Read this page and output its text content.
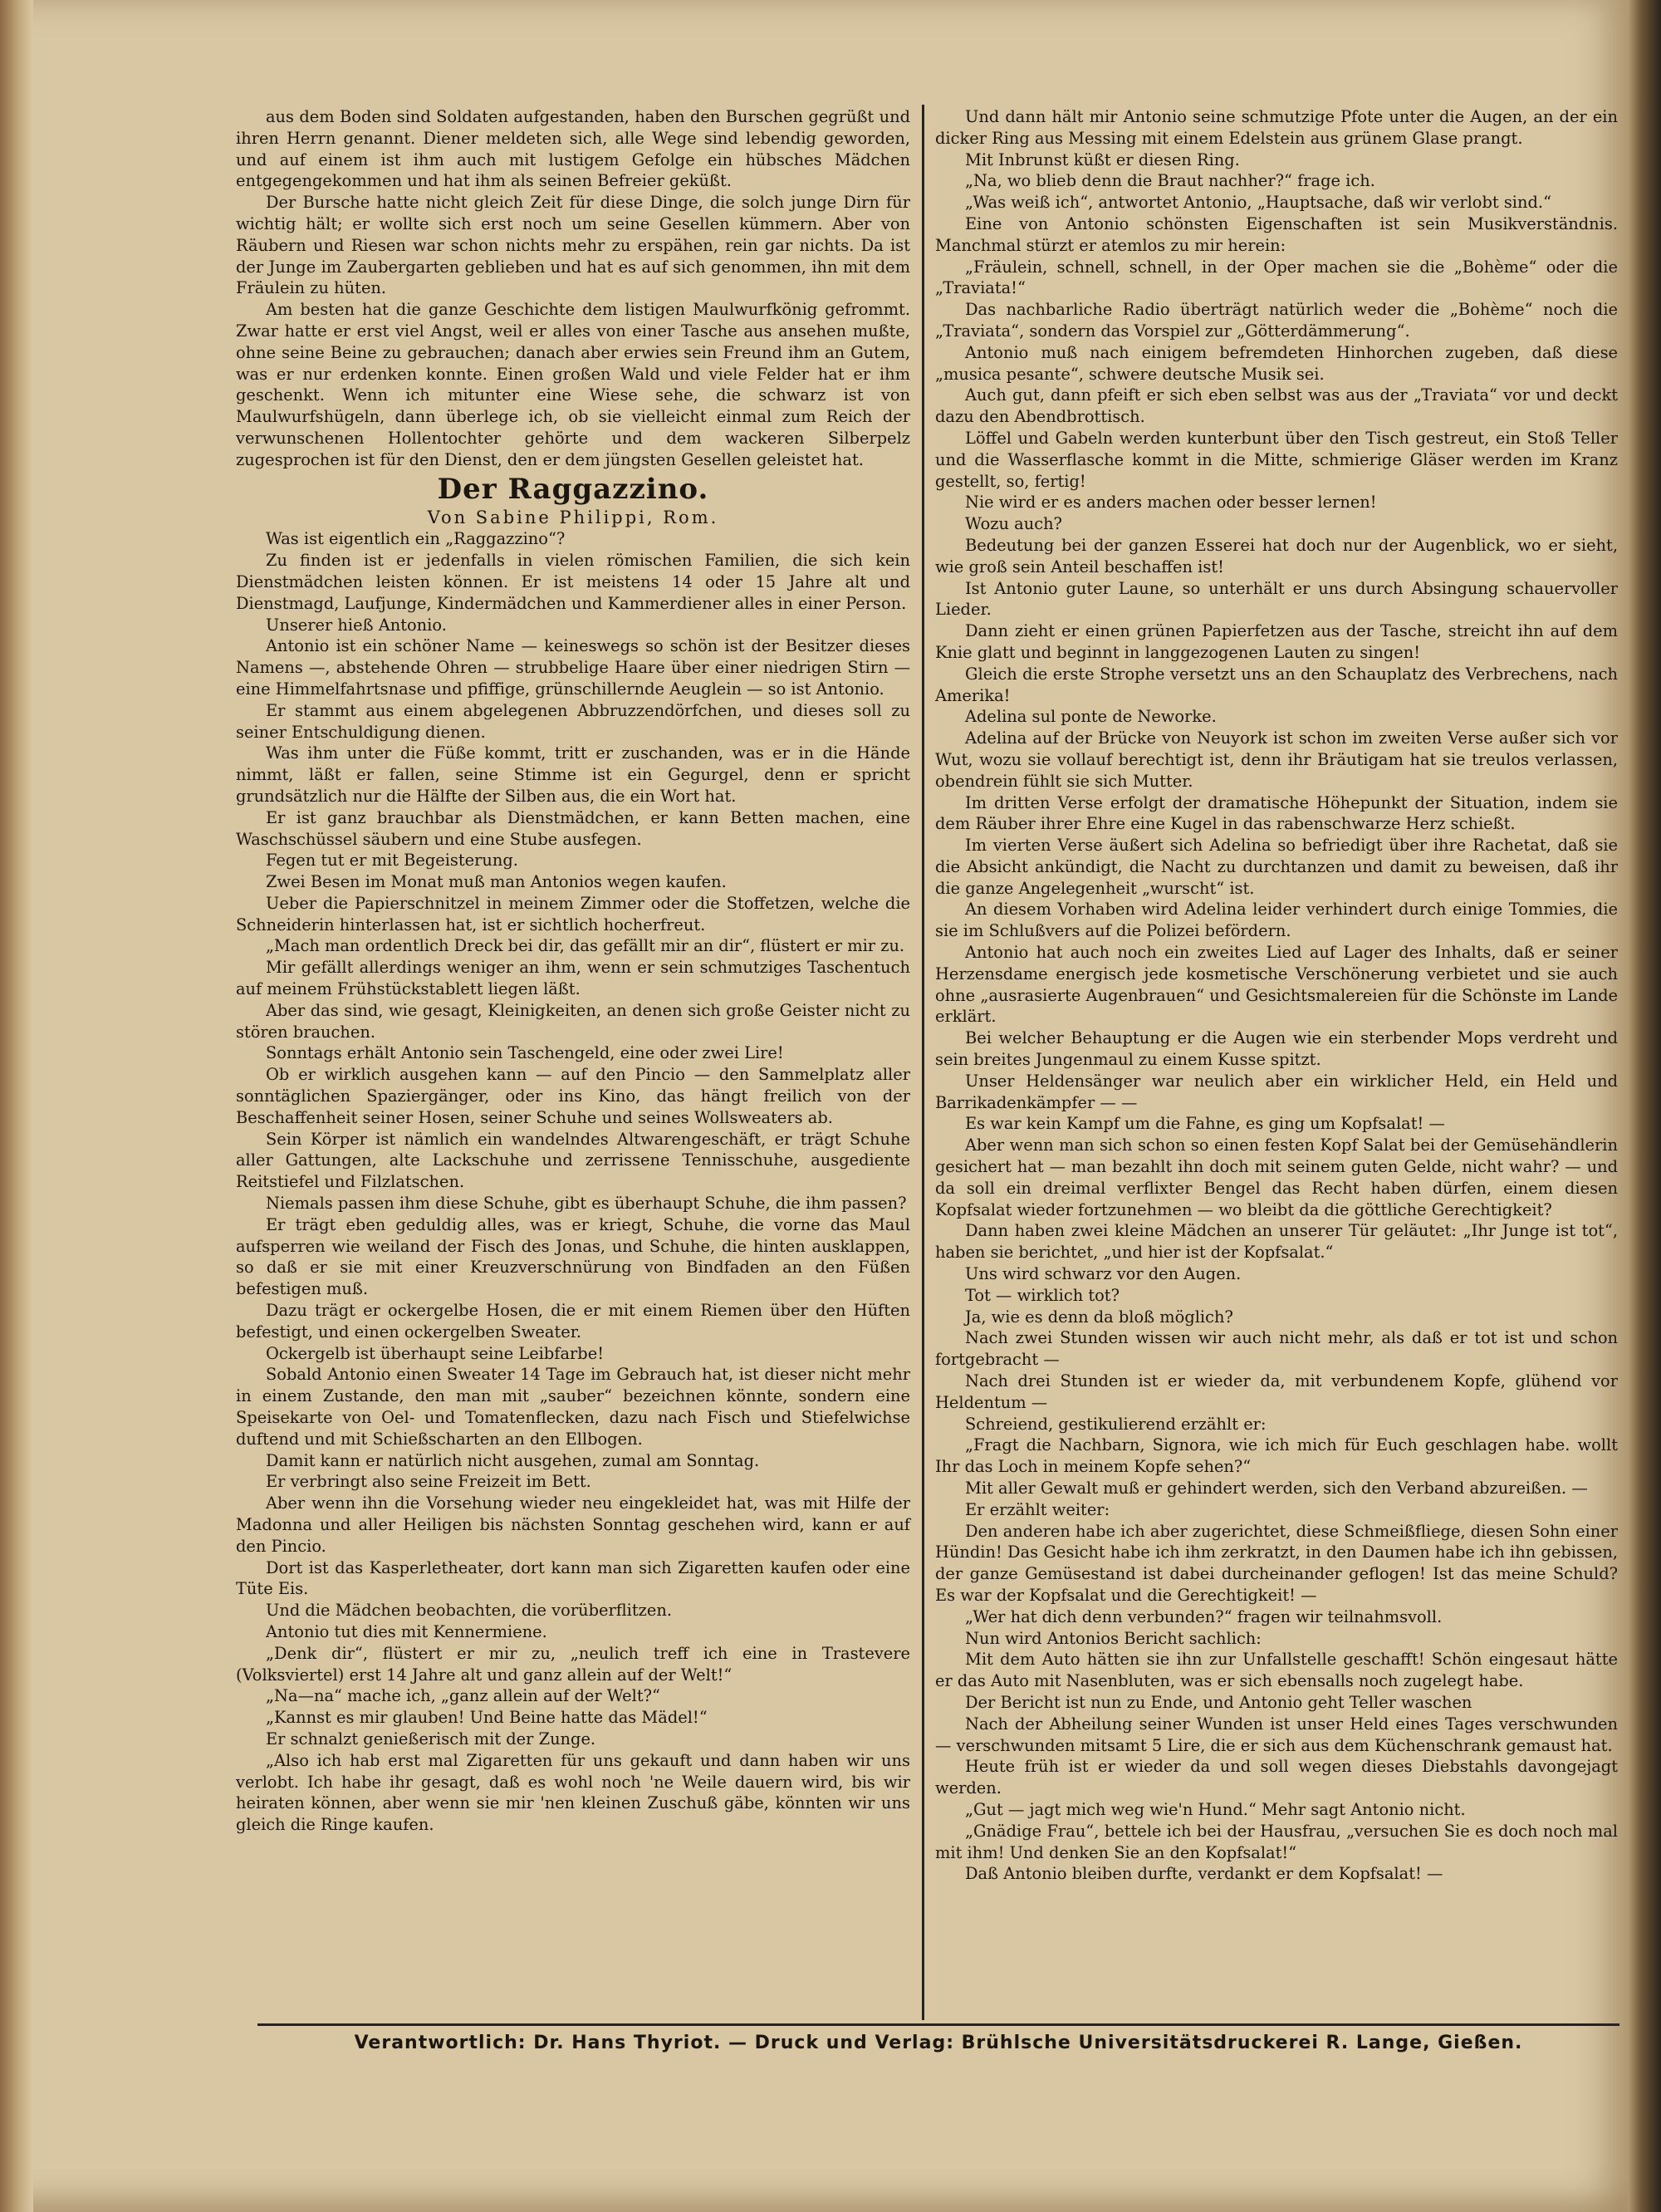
aus dem Boden sind Soldaten aufgestanden, haben den Burschen gegrüßt und ihren Herrn genannt. Diener meldeten sich, alle Wege sind lebendig geworden, und auf einem ist ihm auch mit lustigem Gefolge ein hübsches Mädchen entgegengekommen und hat ihm als seinen Befreier geküßt.

Der Bursche hatte nicht gleich Zeit für diese Dinge, die solch junge Dirn für wichtig hält; er wollte sich erst noch um seine Gesellen kümmern. Aber von Räubern und Riesen war schon nichts mehr zu erspähen, rein gar nichts. Da ist der Junge im Zaubergarten geblieben und hat es auf sich genommen, ihn mit dem Fräulein zu hüten.

Am besten hat die ganze Geschichte dem listigen Maulwurfkönig gefrommt. Zwar hatte er erst viel Angst, weil er alles von einer Tasche aus ansehen mußte, ohne seine Beine zu gebrauchen; danach aber erwies sein Freund ihm an Gutem, was er nur erdenken konnte. Einen großen Wald und viele Felder hat er ihm geschenkt. Wenn ich mitunter eine Wiese sehe, die schwarz ist von Maulwurfshügeln, dann überlege ich, ob sie vielleicht einmal zum Reich der verwunschenen Hollentochter gehörte und dem wackeren Silberpelz zugesprochen ist für den Dienst, den er dem jüngsten Gesellen geleistet hat.

Der Raggazzino.

Von Sabine Philippi, Rom.

Was ist eigentlich ein „Raggazzino“?

Zu finden ist er jedenfalls in vielen römischen Familien, die sich kein Dienstmädchen leisten können. Er ist meistens 14 oder 15 Jahre alt und Dienstmagd, Laufjunge, Kindermädchen und Kammerdiener alles in einer Person.

Unserer hieß Antonio.

Antonio ist ein schöner Name — keineswegs so schön ist der Besitzer dieses Namens —, abstehende Ohren — strubbelige Haare über einer niedrigen Stirn — eine Himmelfahrtsnase und pfiffige, grünschillernde Aeuglein — so ist Antonio.

Er stammt aus einem abgelegenen Abbruzzendörfchen, und dieses soll zu seiner Entschuldigung dienen.

Was ihm unter die Füße kommt, tritt er zuschanden, was er in die Hände nimmt, läßt er fallen, seine Stimme ist ein Gegurgel, denn er spricht grundsätzlich nur die Hälfte der Silben aus, die ein Wort hat.

Er ist ganz brauchbar als Dienstmädchen, er kann Betten machen, eine Waschschüssel säubern und eine Stube ausfegen.

Fegen tut er mit Begeisterung.

Zwei Besen im Monat muß man Antonios wegen kaufen.

Ueber die Papierschnitzel in meinem Zimmer oder die Stoffetzen, welche die Schneiderin hinterlassen hat, ist er sichtlich hocherfreut.

„Mach man ordentlich Dreck bei dir, das gefällt mir an dir“, flüstert er mir zu.

Mir gefällt allerdings weniger an ihm, wenn er sein schmutziges Taschentuch auf meinem Frühstückstablett liegen läßt.

Aber das sind, wie gesagt, Kleinigkeiten, an denen sich große Geister nicht zu stören brauchen.

Sonntags erhält Antonio sein Taschengeld, eine oder zwei Lire!

Ob er wirklich ausgehen kann — auf den Pincio — den Sammelplatz aller sonntäglichen Spaziergänger, oder ins Kino, das hängt freilich von der Beschaffenheit seiner Hosen, seiner Schuhe und seines Wollsweaters ab.

Sein Körper ist nämlich ein wandelndes Altwarengeschäft, er trägt Schuhe aller Gattungen, alte Lackschuhe und zerrissene Tennisschuhe, ausgediente Reitstiefel und Filzlatschen.

Niemals passen ihm diese Schuhe, gibt es überhaupt Schuhe, die ihm passen?

Er trägt eben geduldig alles, was er kriegt, Schuhe, die vorne das Maul aufsperren wie weiland der Fisch des Jonas, und Schuhe, die hinten ausklappen, so daß er sie mit einer Kreuzverschnürung von Bindfaden an den Füßen befestigen muß.

Dazu trägt er ockergelbe Hosen, die er mit einem Riemen über den Hüften befestigt, und einen ockergelben Sweater.

Ockergelb ist überhaupt seine Leibfarbe!

Sobald Antonio einen Sweater 14 Tage im Gebrauch hat, ist dieser nicht mehr in einem Zustande, den man mit „sauber“ bezeichnen könnte, sondern eine Speisekarte von Oel- und Tomatenflecken, dazu nach Fisch und Stiefelwichse duftend und mit Schießscharten an den Ellbogen.

Damit kann er natürlich nicht ausgehen, zumal am Sonntag.

Er verbringt also seine Freizeit im Bett.

Aber wenn ihn die Vorsehung wieder neu eingekleidet hat, was mit Hilfe der Madonna und aller Heiligen bis nächsten Sonntag geschehen wird, kann er auf den Pincio.

Dort ist das Kasperletheater, dort kann man sich Zigaretten kaufen oder eine Tüte Eis.

Und die Mädchen beobachten, die vorüberflitzen.

Antonio tut dies mit Kennermiene.

„Denk dir“, flüstert er mir zu, „neulich treff ich eine in Trastevere (Volksviertel) erst 14 Jahre alt und ganz allein auf der Welt!“

„Na—na“ mache ich, „ganz allein auf der Welt?“

„Kannst es mir glauben! Und Beine hatte das Mädel!“

Er schnalzt genießerisch mit der Zunge.

„Also ich hab erst mal Zigaretten für uns gekauft und dann haben wir uns verlobt. Ich habe ihr gesagt, daß es wohl noch 'ne Weile dauern wird, bis wir heiraten können, aber wenn sie mir 'nen kleinen Zuschuß gäbe, könnten wir uns gleich die Ringe kaufen.

Und dann hält mir Antonio seine schmutzige Pfote unter die Augen, an der ein dicker Ring aus Messing mit einem Edelstein aus grünem Glase prangt.

Mit Inbrunst küßt er diesen Ring.

„Na, wo blieb denn die Braut nachher?“ frage ich.

„Was weiß ich“, antwortet Antonio, „Hauptsache, daß wir verlobt sind.“

Eine von Antonio schönsten Eigenschaften ist sein Musikverständnis. Manchmal stürzt er atemlos zu mir herein:

„Fräulein, schnell, schnell, in der Oper machen sie die „Bohème“ oder die „Traviata!“

Das nachbarliche Radio überträgt natürlich weder die „Bohème“ noch die „Traviata“, sondern das Vorspiel zur „Götterdämmerung“.

Antonio muß nach einigem befremdeten Hinhorchen zugeben, daß diese „musica pesante“, schwere deutsche Musik sei.

Auch gut, dann pfeift er sich eben selbst was aus der „Traviata“ vor und deckt dazu den Abendbrottisch.

Löffel und Gabeln werden kunterbunt über den Tisch gestreut, ein Stoß Teller und die Wasserflasche kommt in die Mitte, schmierige Gläser werden im Kranz gestellt, so, fertig!

Nie wird er es anders machen oder besser lernen!

Wozu auch?

Bedeutung bei der ganzen Esserei hat doch nur der Augenblick, wo er sieht, wie groß sein Anteil beschaffen ist!

Ist Antonio guter Laune, so unterhält er uns durch Absingung schauervoller Lieder.

Dann zieht er einen grünen Papierfetzen aus der Tasche, streicht ihn auf dem Knie glatt und beginnt in langgezogenen Lauten zu singen!

Gleich die erste Strophe versetzt uns an den Schauplatz des Verbrechens, nach Amerika!

Adelina sul ponte de Neworke.

Adelina auf der Brücke von Neuyork ist schon im zweiten Verse außer sich vor Wut, wozu sie vollauf berechtigt ist, denn ihr Bräutigam hat sie treulos verlassen, obendrein fühlt sie sich Mutter.

Im dritten Verse erfolgt der dramatische Höhepunkt der Situation, indem sie dem Räuber ihrer Ehre eine Kugel in das rabenschwarze Herz schießt.

Im vierten Verse äußert sich Adelina so befriedigt über ihre Rachetat, daß sie die Absicht ankündigt, die Nacht zu durchtanzen und damit zu beweisen, daß ihr die ganze Angelegenheit „wurscht“ ist.

An diesem Vorhaben wird Adelina leider verhindert durch einige Tommies, die sie im Schlußvers auf die Polizei befördern.

Antonio hat auch noch ein zweites Lied auf Lager des Inhalts, daß er seiner Herzensdame energisch jede kosmetische Verschönerung verbietet und sie auch ohne „ausrasierte Augenbrauen“ und Gesichtsmalereien für die Schönste im Lande erklärt.

Bei welcher Behauptung er die Augen wie ein sterbender Mops verdreht und sein breites Jungenmaul zu einem Kusse spitzt.

Unser Heldensänger war neulich aber ein wirklicher Held, ein Held und Barrikadenkämpfer — —

Es war kein Kampf um die Fahne, es ging um Kopfsalat! —

Aber wenn man sich schon so einen festen Kopf Salat bei der Gemüsehändlerin gesichert hat — man bezahlt ihn doch mit seinem guten Gelde, nicht wahr? — und da soll ein dreimal verflixter Bengel das Recht haben dürfen, einem diesen Kopfsalat wieder fortzunehmen — wo bleibt da die göttliche Gerechtigkeit?

Dann haben zwei kleine Mädchen an unserer Tür geläutet: „Ihr Junge ist tot“, haben sie berichtet, „und hier ist der Kopfsalat.“

Uns wird schwarz vor den Augen.

Tot — wirklich tot?

Ja, wie es denn da bloß möglich?

Nach zwei Stunden wissen wir auch nicht mehr, als daß er tot ist und schon fortgebracht —

Nach drei Stunden ist er wieder da, mit verbundenem Kopfe, glühend vor Heldentum —

Schreiend, gestikulierend erzählt er:

„Fragt die Nachbarn, Signora, wie ich mich für Euch geschlagen habe. wollt Ihr das Loch in meinem Kopfe sehen?“

Mit aller Gewalt muß er gehindert werden, sich den Verband abzureißen. —

Er erzählt weiter:

Den anderen habe ich aber zugerichtet, diese Schmeißfliege, diesen Sohn einer Hündin! Das Gesicht habe ich ihm zerkratzt, in den Daumen habe ich ihn gebissen, der ganze Gemüsestand ist dabei durcheinander geflogen! Ist das meine Schuld? Es war der Kopfsalat und die Gerechtigkeit! —

„Wer hat dich denn verbunden?“ fragen wir teilnahmsvoll.

Nun wird Antonios Bericht sachlich:

Mit dem Auto hätten sie ihn zur Unfallstelle geschafft! Schön eingesaut hätte er das Auto mit Nasenbluten, was er sich ebensalls noch zugelegt habe.

Der Bericht ist nun zu Ende, und Antonio geht Teller waschen

Nach der Abheilung seiner Wunden ist unser Held eines Tages verschwunden — verschwunden mitsamt 5 Lire, die er sich aus dem Küchenschrank gemaust hat.

Heute früh ist er wieder da und soll wegen dieses Diebstahls davongejagt werden.

„Gut — jagt mich weg wie'n Hund.“ Mehr sagt Antonio nicht.

„Gnädige Frau“, bettele ich bei der Hausfrau, „versuchen Sie es doch noch mal mit ihm! Und denken Sie an den Kopfsalat!“

Daß Antonio bleiben durfte, verdankt er dem Kopfsalat! —

Verantwortlich: Dr. Hans Thyriot. — Druck und Verlag: Brühlsche Universitätsdruckerei R. Lange, Gießen.
